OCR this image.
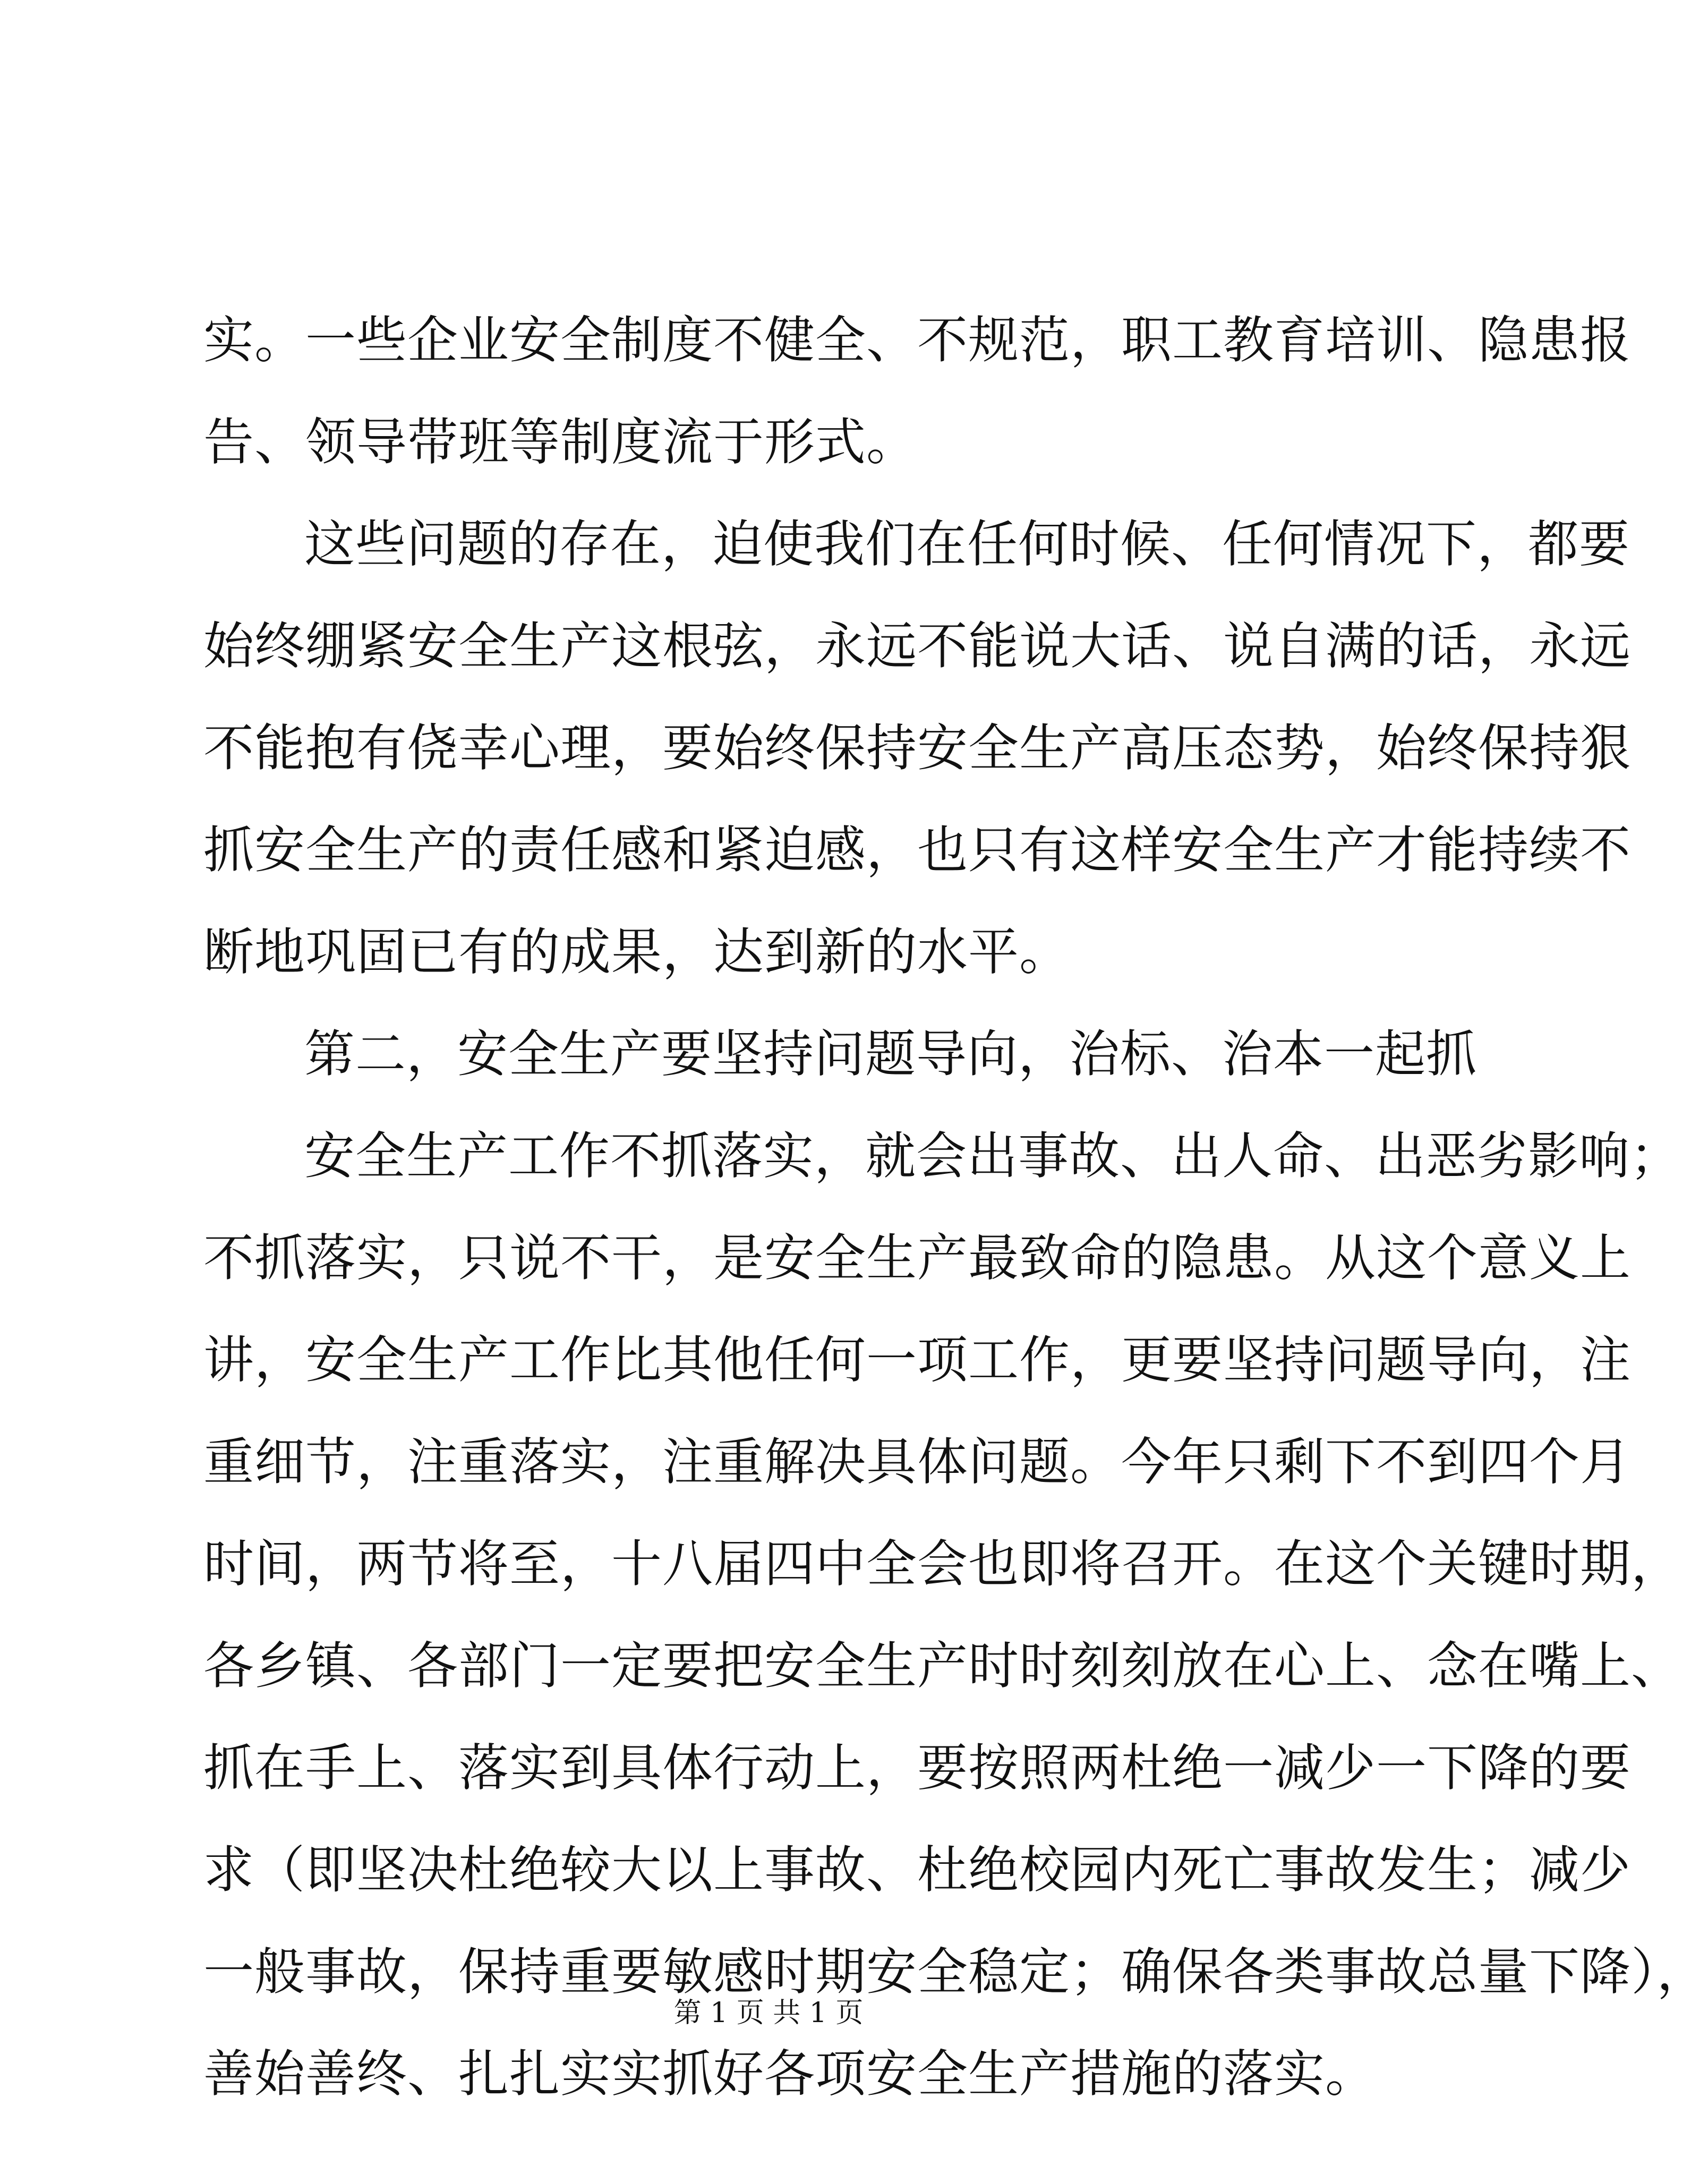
实。一些企业安全制度不健全、不规范，职工教育培训、隐患报
告、领导带班等制度流于形式。
这些问题的存在，迫使我们在任何时候、任何情况下，都要
始终绷紧安全生产这根弦，永远不能说大话、说自满的话，永远
不能抱有侥幸心理，要始终保持安全生产高压态势，始终保持狠
抓安全生产的责任感和紧迫感，也只有这样安全生产才能持续不
断地巩固已有的成果，达到新的水平。
第二，安全生产要坚持问题导向，治标、治本一起抓
安全生产工作不抓落实，就会出事故、出人命、出恶劣影响；
不抓落实，只说不干，是安全生产最致命的隐患。从这个意义上
讲，安全生产工作比其他任何一项工作，更要坚持问题导向，注
重细节，注重落实，注重解决具体问题。今年只剩下不到四个月
时间，两节将至，十八届四中全会也即将召开。在这个关键时期，
各乡镇、各部门一定要把安全生产时时刻刻放在心上、念在嘴上、
抓在手上、落实到具体行动上，要按照两杜绝一减少一下降的要
求（即坚决杜绝较大以上事故、杜绝校园内死亡事故发生；减少
一般事故，保持重要敏感时期安全稳定；确保各类事故总量下降），
善始善终、扎扎实实抓好各项安全生产措施的落实。
第 1 页 共 1 页
